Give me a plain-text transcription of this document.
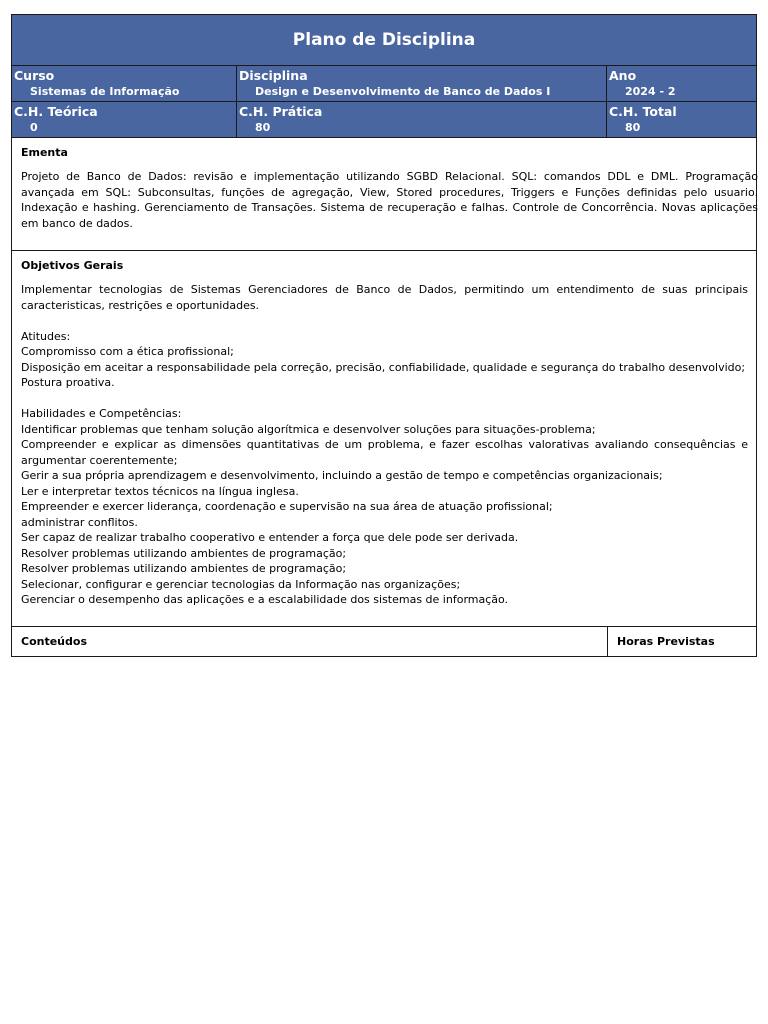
Plano de Disciplina
Curso
Sistemas de Informação
Disciplina
Design e Desenvolvimento de Banco de Dados I
Ano
2024 - 2
C.H. Teórica
0
C.H. Prática
80
C.H. Total
80
Ementa

Projeto de Banco de Dados: revisão e implementação utilizando SGBD Relacional. SQL: comandos DDL e DML. Programação avançada em SQL: Subconsultas, funções de agregação, View, Stored procedures, Triggers e Funções definidas pelo usuario. Indexação e hashing. Gerenciamento de Transações. Sistema de recuperação e falhas. Controle de Concorrência. Novas aplicações em banco de dados.

Objetivos Gerais

Implementar tecnologias de Sistemas Gerenciadores de Banco de Dados, permitindo um entendimento de suas principais caracteristicas, restrições e oportunidades.

Atitudes:
Compromisso com a ética profissional;
Disposição em aceitar a responsabilidade pela correção, precisão, confiabilidade, qualidade e segurança do trabalho desenvolvido;
Postura proativa.
Habilidades e Competências:
Identificar problemas que tenham solução algorítmica e desenvolver soluções para situações-problema;
Compreender e explicar as dimensões quantitativas de um problema, e fazer escolhas valorativas avaliando consequências e argumentar coerentemente;
Gerir a sua própria aprendizagem e desenvolvimento, incluindo a gestão de tempo e competências organizacionais;
Ler e interpretar textos técnicos na língua inglesa.
Empreender e exercer liderança, coordenação e supervisão na sua área de atuação profissional;
administrar conflitos.
Ser capaz de realizar trabalho cooperativo e entender a força que dele pode ser derivada.
Resolver problemas utilizando ambientes de programação;
Resolver problemas utilizando ambientes de programação;
Selecionar, configurar e gerenciar tecnologias da Informação nas organizações;
Gerenciar o desempenho das aplicações e a escalabilidade dos sistemas de informação.
Conteúdos	Horas Previstas
